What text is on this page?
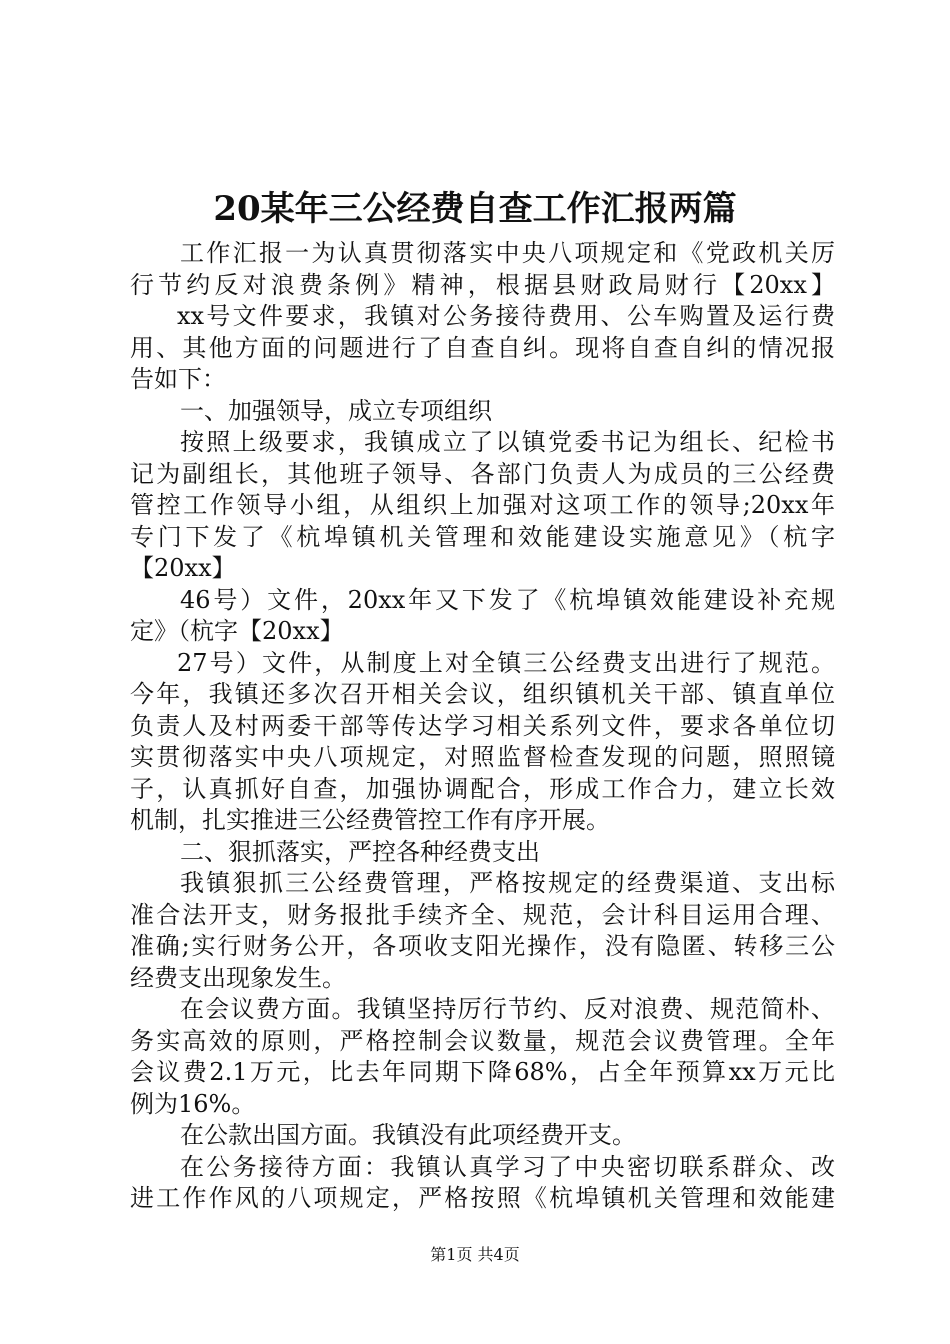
20某年三公经费自查工作汇报两篇
工作汇报一为认真贯彻落实中央八项规定和《党政机关厉
行节约反对浪费条例》精神，根据县财政局财行【20xx】
xx号文件要求，我镇对公务接待费用、公车购置及运行费
用、其他方面的问题进行了自查自纠。现将自查自纠的情况报
告如下：
一、加强领导，成立专项组织
按照上级要求，我镇成立了以镇党委书记为组长、纪检书
记为副组长，其他班子领导、各部门负责人为成员的三公经费
管控工作领导小组，从组织上加强对这项工作的领导;20xx年
专门下发了《杭埠镇机关管理和效能建设实施意见》（杭字
【20xx】
46号）文件，20xx年又下发了《杭埠镇效能建设补充规
定》（杭字【20xx】
27号）文件，从制度上对全镇三公经费支出进行了规范。
今年，我镇还多次召开相关会议，组织镇机关干部、镇直单位
负责人及村两委干部等传达学习相关系列文件，要求各单位切
实贯彻落实中央八项规定，对照监督检查发现的问题，照照镜
子，认真抓好自查，加强协调配合，形成工作合力，建立长效
机制，扎实推进三公经费管控工作有序开展。
二、狠抓落实，严控各种经费支出
我镇狠抓三公经费管理，严格按规定的经费渠道、支出标
准合法开支，财务报批手续齐全、规范，会计科目运用合理、
准确;实行财务公开，各项收支阳光操作，没有隐匿、转移三公
经费支出现象发生。
在会议费方面。我镇坚持厉行节约、反对浪费、规范简朴、
务实高效的原则，严格控制会议数量，规范会议费管理。全年
会议费2.1万元，比去年同期下降68%，占全年预算xx万元比
例为16%。
在公款出国方面。我镇没有此项经费开支。
在公务接待方面：我镇认真学习了中央密切联系群众、改
进工作作风的八项规定，严格按照《杭埠镇机关管理和效能建
第1页 共4页
